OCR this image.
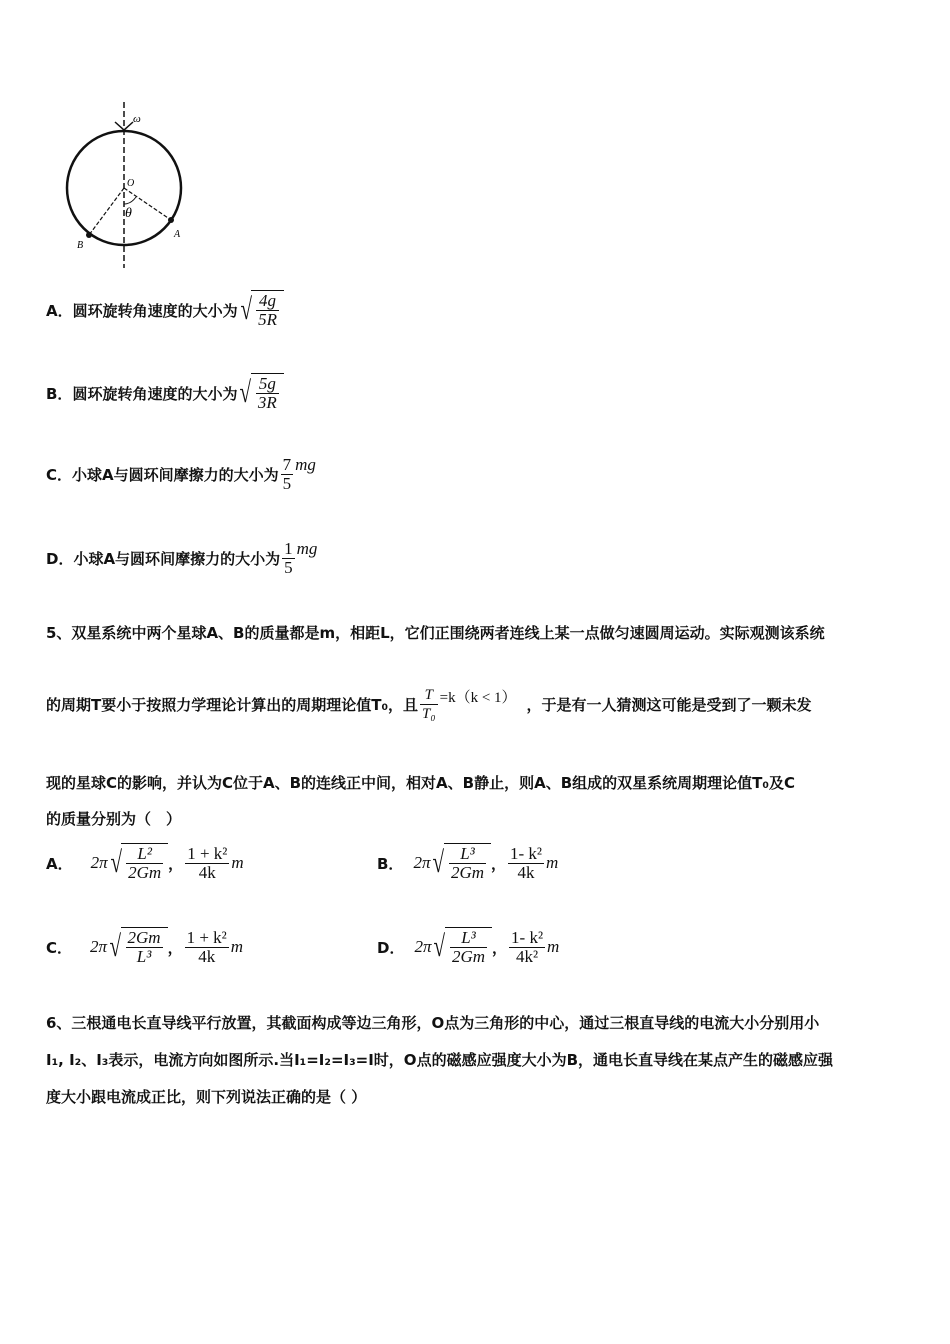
ω
O
θ
A
B
A． 圆环旋转角速度的大小为 √ $\frac{4g}{5R}$
B． 圆环旋转角速度的大小为 √ $\frac{5g}{3R}$
C． 小球A与圆环间摩擦力的大小为 $\frac{7}{5}$ mg
D． 小球A与圆环间摩擦力的大小为 $\frac{1}{5}$ mg
5、双星系统中两个星球A、B的质量都是m，相距L，它们正围绕两者连线上某一点做匀速圆周运动。实际观测该系统
的周期T要小于按照力学理论计算出的周期理论值T₀，且 $\frac{T}{\text{T₀}} =k(k < 1)$ ，于是有一人猜测这可能是受到了一颗未发
现的星球C的影响，并认为C位于A、B的连线正中间，相对A、B静止，则A、B组成的双星系统周期理论值T₀及C
的质量分别为（　）
A． 2π √ $\frac{\text{L²}}{2Gm}$ ， $\frac{\text{1 + k²}}{4k}$ m	B． 2π √ $\frac{\text{L³}}{2Gm}$ ， $\frac{\text{1- k²}}{4k}$ m
C． 2π √ $\frac{2Gm}{\text{L³}}$ ， $\frac{\text{1 + k²}}{4k}$ m	D． 2π √ $\frac{\text{L³}}{2Gm}$ ， $\frac{\text{1- k²}}{\text{4k²}}$ m
6、三根通电长直导线平行放置，其截面构成等边三角形，O点为三角形的中心，通过三根直导线的电流大小分别用小
I₁, I₂、I₃表示，电流方向如图所示.当I₁=I₂=I₃=I时，O点的磁感应强度大小为B，通电长直导线在某点产生的磁感应强
度大小跟电流成正比，则下列说法正确的是（ ）
